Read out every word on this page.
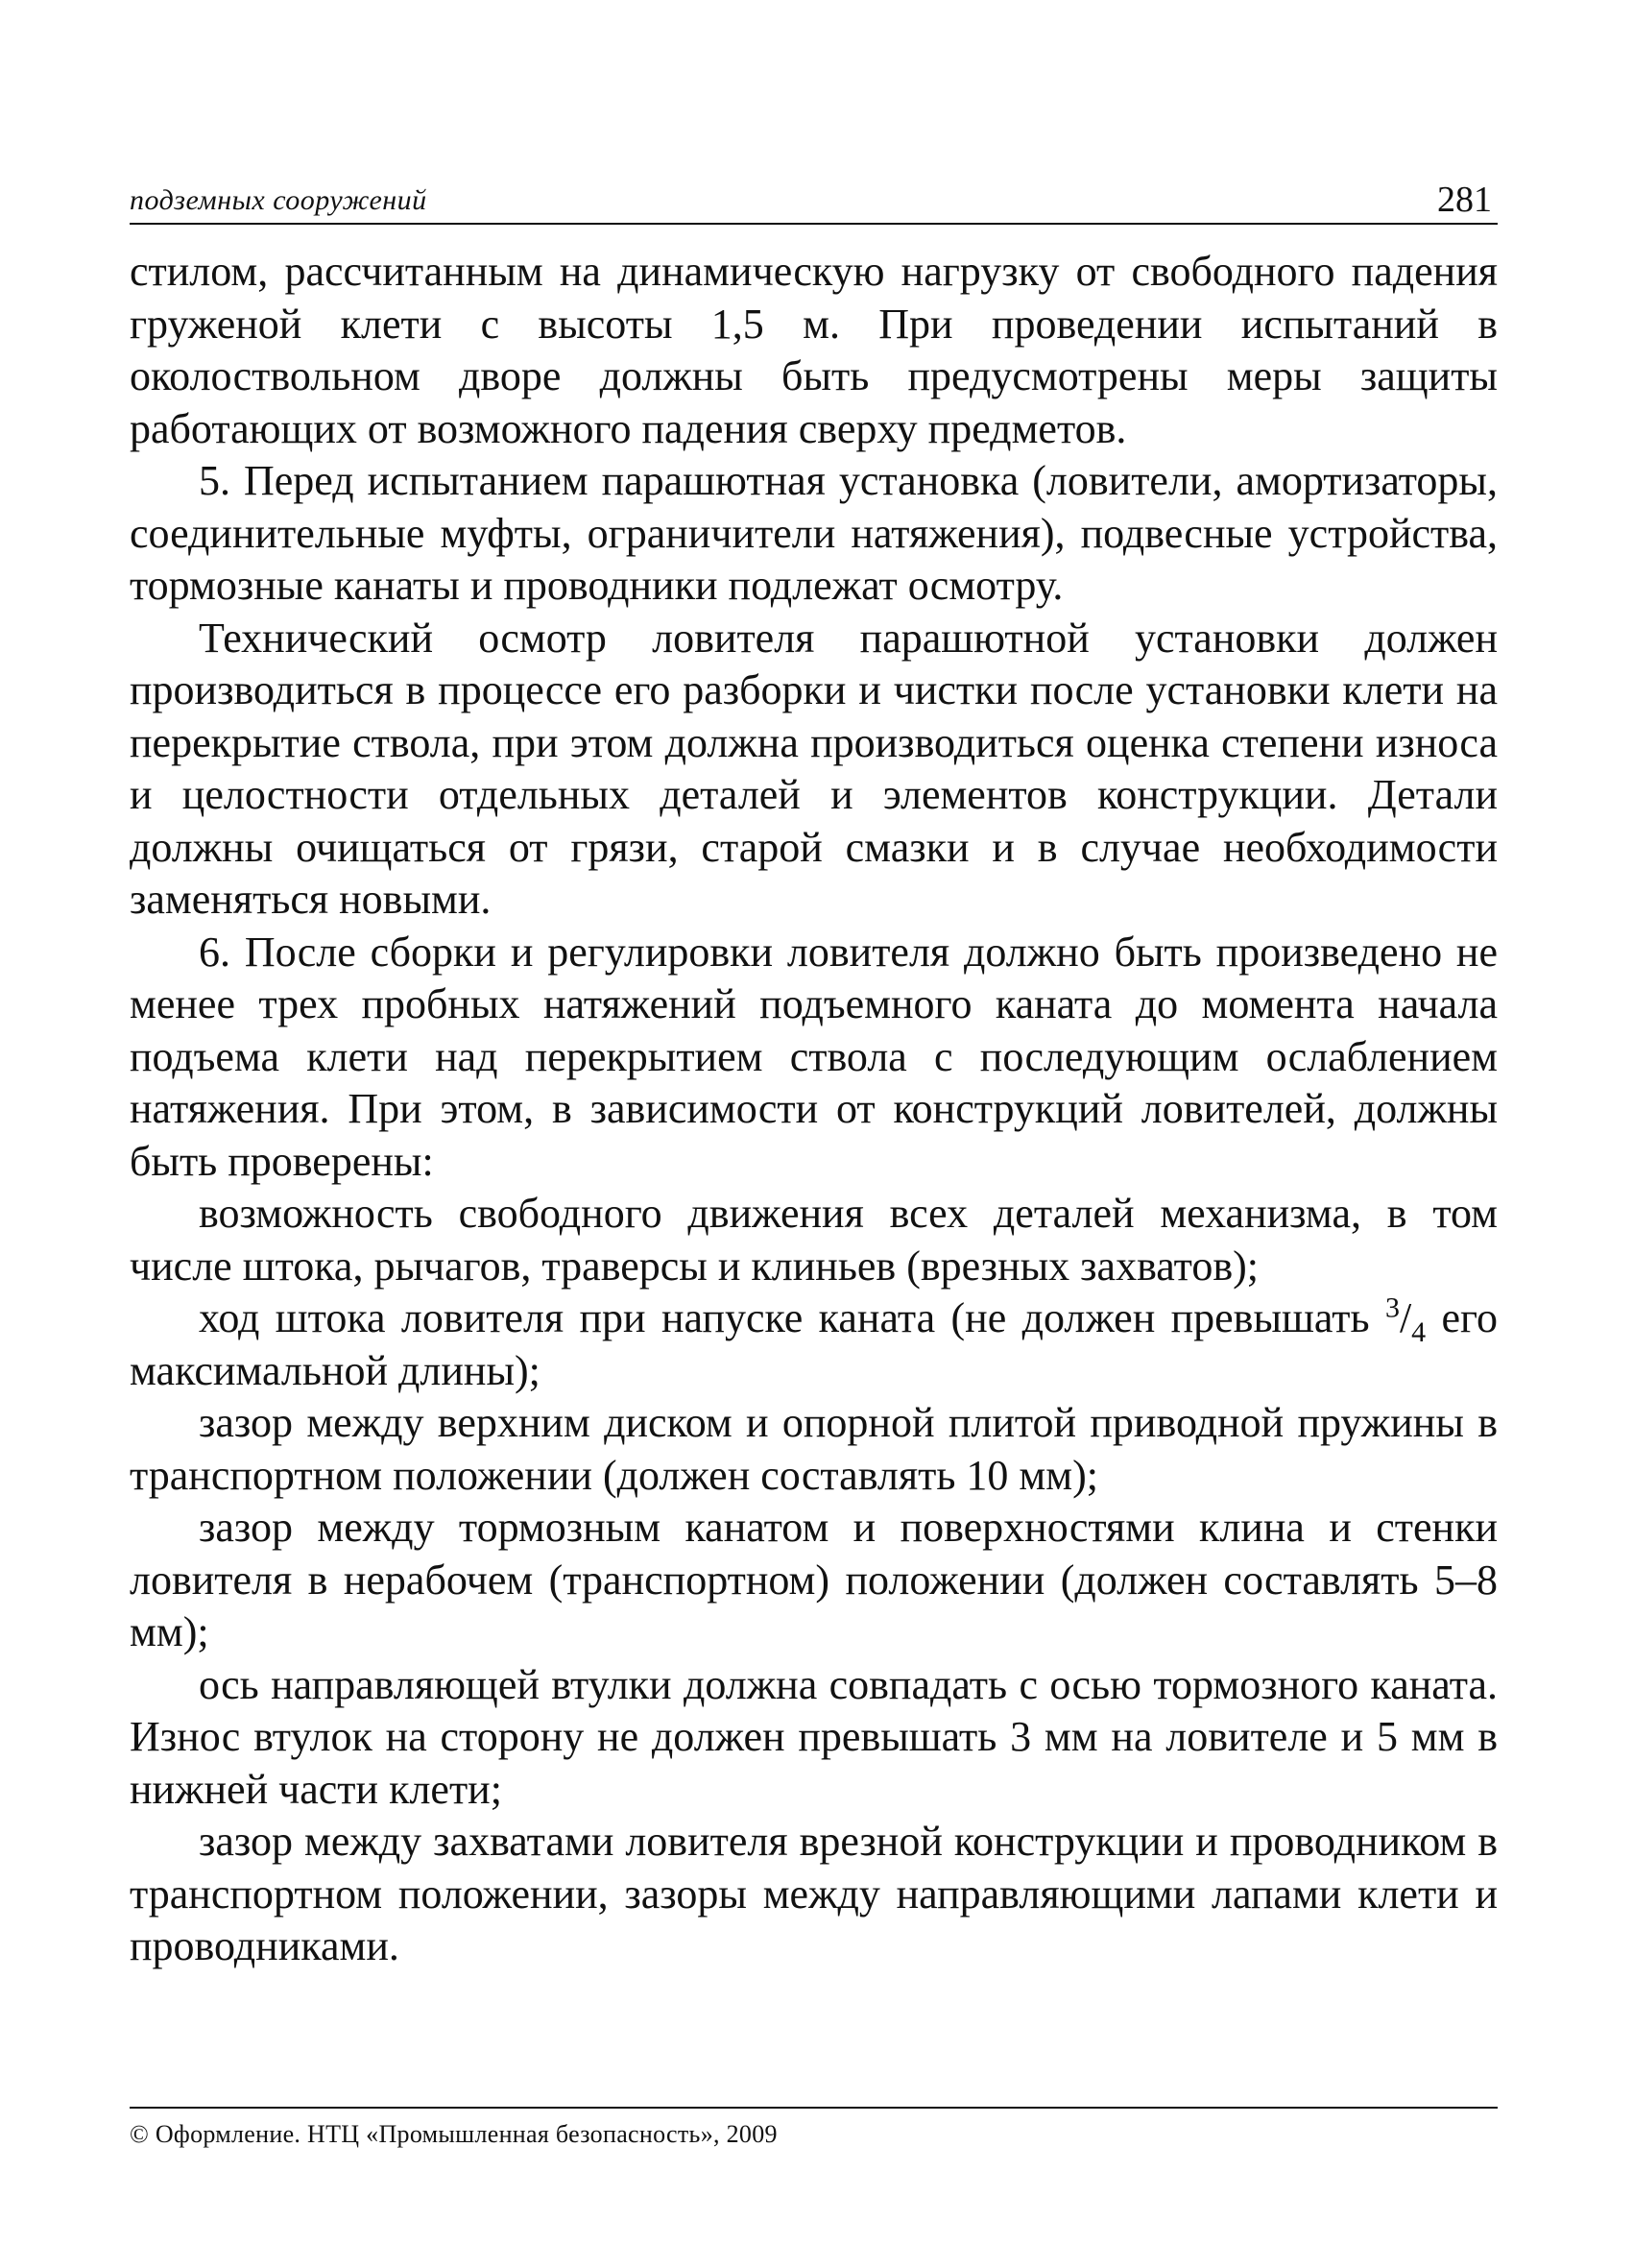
подземных сооружений	281

стилом, рассчитанным на динамическую нагрузку от свободного падения груженой клети с высоты 1,5 м. При проведении испытаний в околоствольном дворе должны быть предусмотрены меры защиты работающих от возможного падения сверху предметов.

5. Перед испытанием парашютная установка (ловители, амортизаторы, соединительные муфты, ограничители натяжения), подвесные устройства, тормозные канаты и проводники подлежат осмотру.

Технический осмотр ловителя парашютной установки должен производиться в процессе его разборки и чистки после установки клети на перекрытие ствола, при этом должна производиться оценка степени износа и целостности отдельных деталей и элементов конструкции. Детали должны очищаться от грязи, старой смазки и в случае необходимости заменяться новыми.

6. После сборки и регулировки ловителя должно быть произведено не менее трех пробных натяжений подъемного каната до момента начала подъема клети над перекрытием ствола с последующим ослаблением натяжения. При этом, в зависимости от конструкций ловителей, должны быть проверены:

возможность свободного движения всех деталей механизма, в том числе штока, рычагов, траверсы и клиньев (врезных захватов);

ход штока ловителя при напуске каната (не должен превышать $^3/_4$ его максимальной длины);

зазор между верхним диском и опорной плитой приводной пружины в транспортном положении (должен составлять 10 мм);

зазор между тормозным канатом и поверхностями клина и стенки ловителя в нерабочем (транспортном) положении (должен составлять 5–8 мм);

ось направляющей втулки должна совпадать с осью тормозного каната. Износ втулок на сторону не должен превышать 3 мм на ловителе и 5 мм в нижней части клети;

зазор между захватами ловителя врезной конструкции и проводником в транспортном положении, зазоры между направляющими лапами клети и проводниками.

© Оформление. НТЦ «Промышленная безопасность», 2009
